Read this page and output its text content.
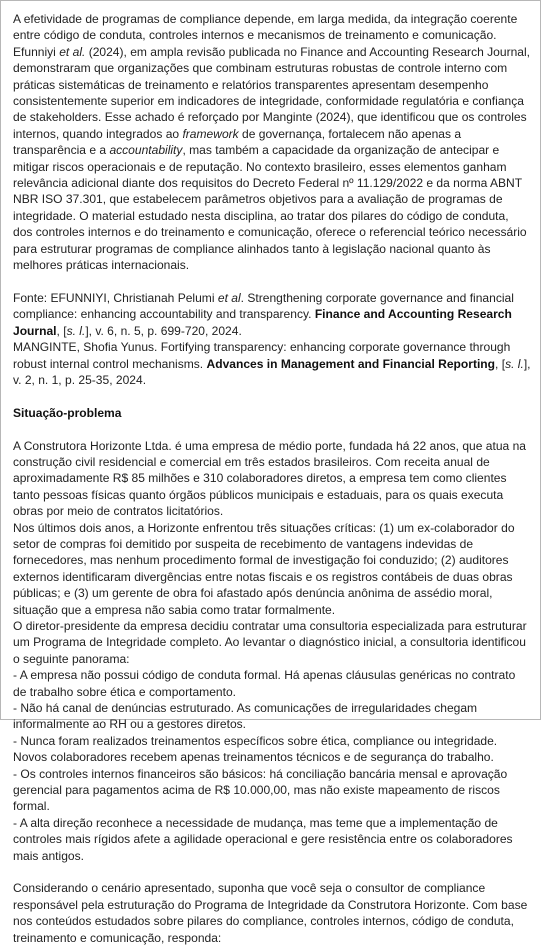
A efetividade de programas de compliance depende, em larga medida, da integração coerente entre código de conduta, controles internos e mecanismos de treinamento e comunicação. Efunniyi et al. (2024), em ampla revisão publicada no Finance and Accounting Research Journal, demonstraram que organizações que combinam estruturas robustas de controle interno com práticas sistemáticas de treinamento e relatórios transparentes apresentam desempenho consistentemente superior em indicadores de integridade, conformidade regulatória e confiança de stakeholders. Esse achado é reforçado por Manginte (2024), que identificou que os controles internos, quando integrados ao framework de governança, fortalecem não apenas a transparência e a accountability, mas também a capacidade da organização de antecipar e mitigar riscos operacionais e de reputação. No contexto brasileiro, esses elementos ganham relevância adicional diante dos requisitos do Decreto Federal nº 11.129/2022 e da norma ABNT NBR ISO 37.301, que estabelecem parâmetros objetivos para a avaliação de programas de integridade. O material estudado nesta disciplina, ao tratar dos pilares do código de conduta, dos controles internos e do treinamento e comunicação, oferece o referencial teórico necessário para estruturar programas de compliance alinhados tanto à legislação nacional quanto às melhores práticas internacionais.

Fonte: EFUNNIYI, Christianah Pelumi et al. Strengthening corporate governance and financial compliance: enhancing accountability and transparency. Finance and Accounting Research Journal, [s. l.], v. 6, n. 5, p. 699-720, 2024.

MANGINTE, Shofia Yunus. Fortifying transparency: enhancing corporate governance through robust internal control mechanisms. Advances in Management and Financial Reporting, [s. l.], v. 2, n. 1, p. 25-35, 2024.

Situação-problema

A Construtora Horizonte Ltda. é uma empresa de médio porte, fundada há 22 anos, que atua na construção civil residencial e comercial em três estados brasileiros. Com receita anual de aproximadamente R$ 85 milhões e 310 colaboradores diretos, a empresa tem como clientes tanto pessoas físicas quanto órgãos públicos municipais e estaduais, para os quais executa obras por meio de contratos licitatórios.

Nos últimos dois anos, a Horizonte enfrentou três situações críticas: (1) um ex-colaborador do setor de compras foi demitido por suspeita de recebimento de vantagens indevidas de fornecedores, mas nenhum procedimento formal de investigação foi conduzido; (2) auditores externos identificaram divergências entre notas fiscais e os registros contábeis de duas obras públicas; e (3) um gerente de obra foi afastado após denúncia anônima de assédio moral, situação que a empresa não sabia como tratar formalmente.

O diretor-presidente da empresa decidiu contratar uma consultoria especializada para estruturar um Programa de Integridade completo. Ao levantar o diagnóstico inicial, a consultoria identificou o seguinte panorama:

- A empresa não possui código de conduta formal. Há apenas cláusulas genéricas no contrato de trabalho sobre ética e comportamento.

- Não há canal de denúncias estruturado. As comunicações de irregularidades chegam informalmente ao RH ou a gestores diretos.

- Nunca foram realizados treinamentos específicos sobre ética, compliance ou integridade. Novos colaboradores recebem apenas treinamentos técnicos e de segurança do trabalho.

- Os controles internos financeiros são básicos: há conciliação bancária mensal e aprovação gerencial para pagamentos acima de R$ 10.000,00, mas não existe mapeamento de riscos formal.

- A alta direção reconhece a necessidade de mudança, mas teme que a implementação de controles mais rígidos afete a agilidade operacional e gere resistência entre os colaboradores mais antigos.

Considerando o cenário apresentado, suponha que você seja o consultor de compliance responsável pela estruturação do Programa de Integridade da Construtora Horizonte. Com base nos conteúdos estudados sobre pilares do compliance, controles internos, código de conduta, treinamento e comunicação, responda:
